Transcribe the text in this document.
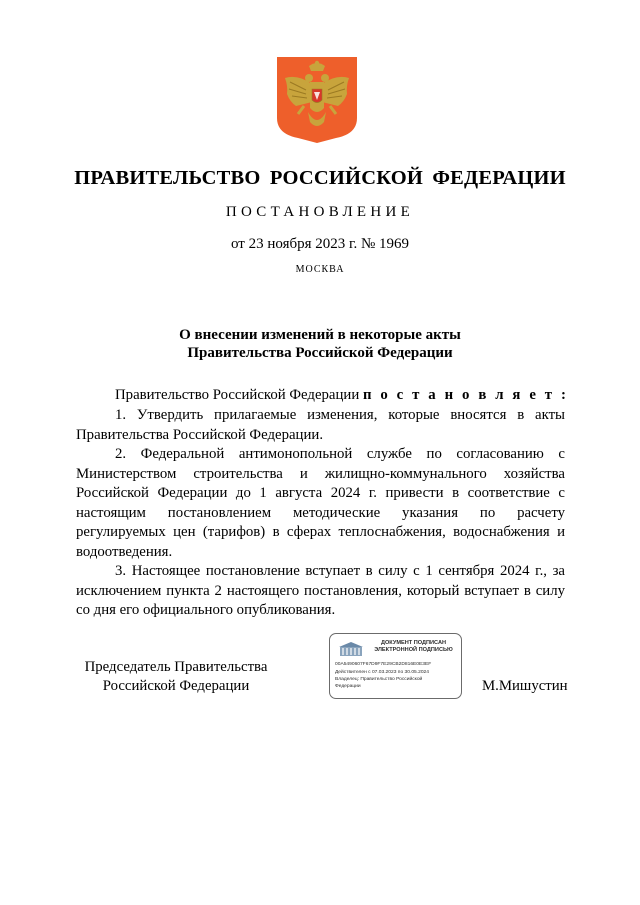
ПРАВИТЕЛЬСТВО РОССИЙСКОЙ ФЕДЕРАЦИИ
ПОСТАНОВЛЕНИЕ
от 23 ноября 2023 г. № 1969
МОСКВА
О внесении изменений в некоторые акты
Правительства Российской Федерации
Правительство Российской Федерации п о с т а н о в л я е т :

1. Утвердить прилагаемые изменения, которые вносятся в акты Правительства Российской Федерации.

2. Федеральной антимонопольной службе по согласованию с Министерством строительства и жилищно-коммунального хозяйства Российской Федерации до 1 августа 2024 г. привести в соответствие с настоящим постановлением методические указания по расчету регулируемых цен (тарифов) в сферах теплоснабжения, водоснабжения и водоотведения.

3. Настоящее постановление вступает в силу с 1 сентября 2024 г., за исключением пункта 2 настоящего постановления, который вступает в силу со дня его официального опубликования.

Председатель Правительства
Российской Федерации
ДОКУМЕНТ ПОДПИСАН
ЭЛЕКТРОННОЙ ПОДПИСЬЮ
00A5490607F67D9F7E29CB2D816E0E3EF
Действителен с 07.03.2023 по 30.05.2024
Владелец: Правительство Российской
Федерации	М.Мишустин
